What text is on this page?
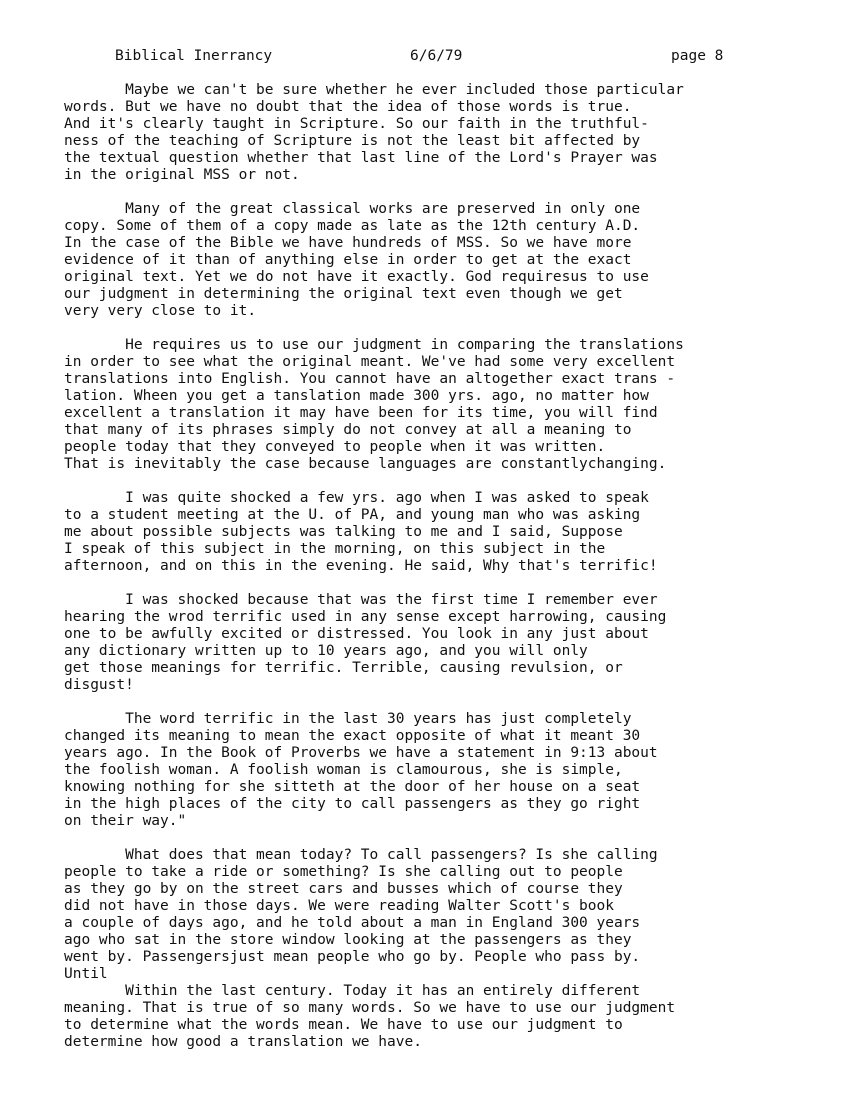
Biblical Inerrancy	6/6/79	page 8
Maybe we can't be sure whether he ever included those particular
words. But we have no doubt that the idea of those words is true.
And it's clearly taught in Scripture. So our faith in the truthful-
ness of the teaching of Scripture is not the least bit affected by
the textual question whether that last line of the Lord's Prayer was
in the original MSS or not.
Many of the great classical works are preserved in only one
copy. Some of them of a copy made as late as the 12th century A.D.
In the case of the Bible we have hundreds of MSS. So we have more
evidence of it than of anything else in order to get at the exact
original text. Yet we do not have it exactly. God requiresus to use
our judgment in determining the original text even though we get
very very close to it.
He requires us to use our judgment in comparing the translations
in order to see what the original meant. We've had some very excellent
translations into English. You cannot have an altogether exact trans -
lation. Wheen you get a tanslation made 300 yrs. ago, no matter how
excellent a translation it may have been for its time, you will find
that many of its phrases simply do not convey at all a meaning to
people today that they conveyed to people when it was written.
That is inevitably the case because languages are constantlychanging.
I was quite shocked a few yrs. ago when I was asked to speak
to a student meeting at the U. of PA, and young man who was asking
me about possible subjects was talking to me and I said, Suppose
I speak of this subject in the morning, on this subject in the
afternoon, and on this in the evening. He said, Why that's terrific!
I was shocked because that was the first time I remember ever
hearing the wrod terrific used in any sense except harrowing, causing
one to be awfully excited or distressed. You look in any just about
any dictionary written up to 10 years ago, and you will only
get those meanings for terrific. Terrible, causing revulsion, or
disgust!
The word terrific in the last 30 years has just completely
changed its meaning to mean the exact opposite of what it meant 30
years ago. In the Book of Proverbs we have a statement in 9:13 about
the foolish woman. A foolish woman is clamourous, she is simple,
knowing nothing for she sitteth at the door of her house on a seat
in the high places of the city to call passengers as they go right
on their way."
What does that mean today? To call passengers? Is she calling
people to take a ride or something? Is she calling out to people
as they go by on the street cars and busses which of course they
did not have in those days. We were reading Walter Scott's book
a couple of days ago, and he told about a man in England 300 years
ago who sat in the store window looking at the passengers as they
went by. Passengersjust mean people who go by. People who pass by.
Until
Within the last century. Today it has an entirely different
meaning. That is true of so many words. So we have to use our judgment
to determine what the words mean. We have to use our judgment to
determine how good a translation we have.
